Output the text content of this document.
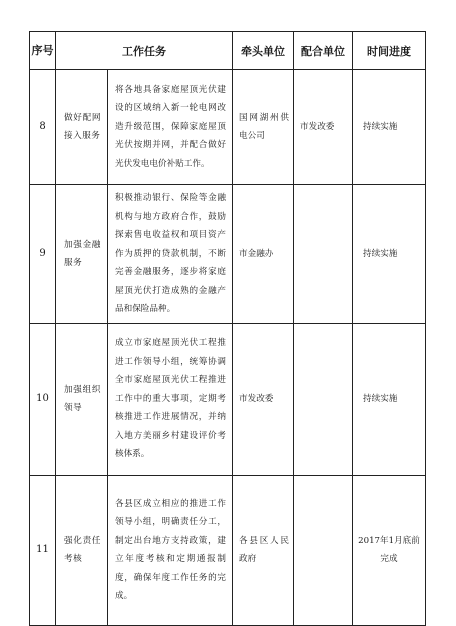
序号	工作任务		牵头单位	配合单位	时间进度
8	做好配网接入服务	将各地具备家庭屋顶光伏建设的区域纳入新一轮电网改造升级范围，保障家庭屋顶光伏按期并网，并配合做好光伏发电电价补贴工作。	国网湖州供电公司	市发改委	持续实施
9	加强金融服务	积极推动银行、保险等金融机构与地方政府合作，鼓励探索售电收益权和项目资产作为质押的贷款机制，不断完善金融服务，逐步将家庭屋顶光伏打造成熟的金融产品和保险品种。	市金融办		持续实施
10	加强组织领导	成立市家庭屋顶光伏工程推进工作领导小组，统筹协调全市家庭屋顶光伏工程推进工作中的重大事项，定期考核推进工作进展情况，并纳入地方美丽乡村建设评价考核体系。	市发改委		持续实施
11	强化责任考核	各县区成立相应的推进工作领导小组，明确责任分工，制定出台地方支持政策，建立年度考核和定期通报制度，确保年度工作任务的完成。	各县区人民政府		2017年1月底前完成
